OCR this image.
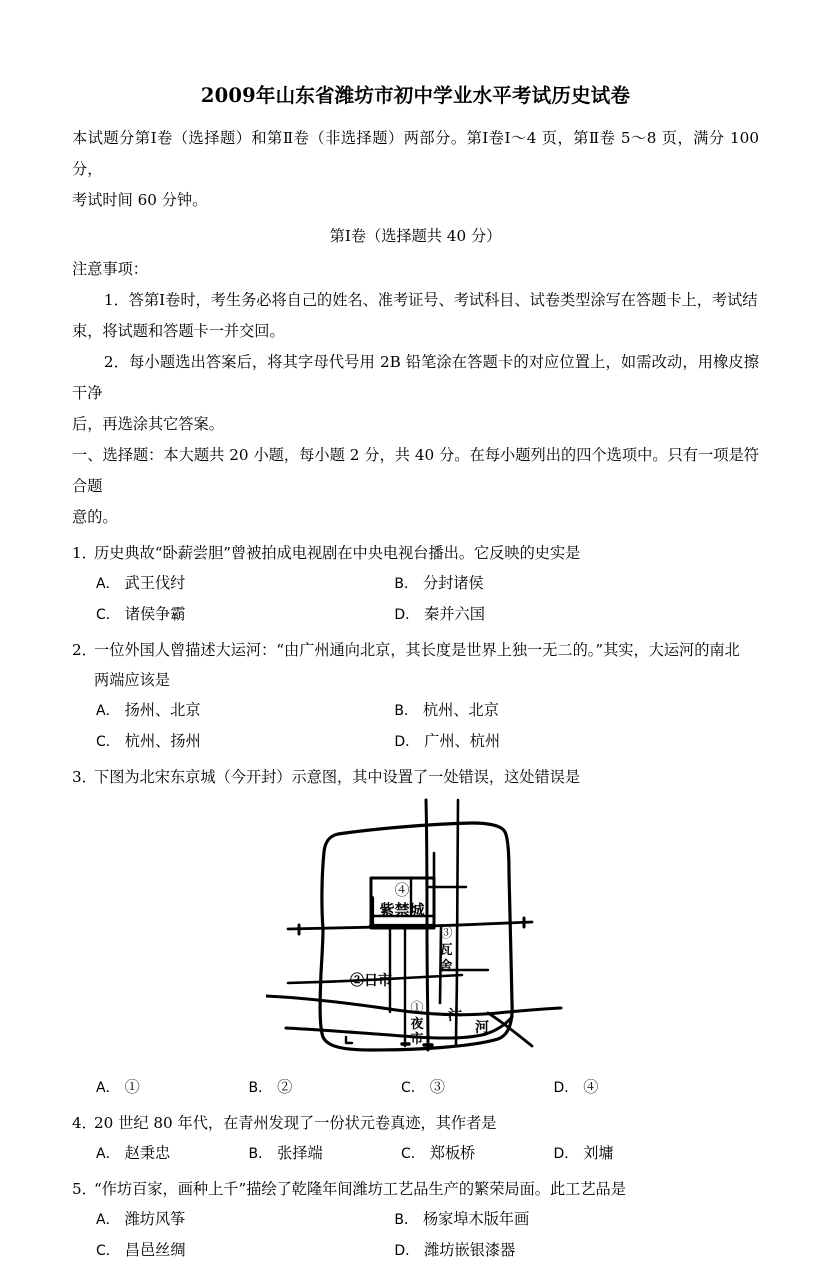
2009年山东省潍坊市初中学业水平考试历史试卷

本试题分第Ⅰ卷（选择题）和第Ⅱ卷（非选择题）两部分。第Ⅰ卷I～4 页，第Ⅱ卷 5～8 页，满分 100 分，

考试时间 60 分钟。

第Ⅰ卷（选择题共 40 分）

注意事项：

1．答第Ⅰ卷时，考生务必将自己的姓名、准考证号、考试科目、试卷类型涂写在答题卡上，考试结

束，将试题和答题卡一并交回。

2．每小题选出答案后，将其字母代号用 2B 铅笔涂在答题卡的对应位置上，如需改动，用橡皮擦干净

后，再选涂其它答案。

一、选择题：本大题共 20 小题，每小题 2 分，共 40 分。在每小题列出的四个选项中。只有一项是符合题

意的。

1．
历史典故“卧薪尝胆”曾被拍成电视剧在中央电视台播出。它反映的史实是
A． 武王伐纣	B． 分封诸侯
C． 诸侯争霸	D． 秦并六国
2．
一位外国人曾描述大运河：“由广州通向北京，其长度是世界上独一无二的。”其实，大运河的南北
两端应该是
A． 扬州、北京	B． 杭州、北京
C． 杭州、扬州	D． 广州、杭州
3．
下图为北宋东京城（今开封）示意图，其中设置了一处错误，这处错误是
④
紫禁城
③
瓦
舍
②日市
①
夜
市
汴
河
A． ①	B． ②	C． ③	D． ④
4．
20 世纪 80 年代，在青州发现了一份状元卷真迹，其作者是
A． 赵秉忠	B． 张择端	C． 郑板桥	D． 刘墉
5．
“作坊百家，画种上千”描绘了乾隆年间潍坊工艺品生产的繁荣局面。此工艺品是
A． 潍坊风筝	B． 杨家埠木版年画
C． 昌邑丝绸	D． 潍坊嵌银漆器
